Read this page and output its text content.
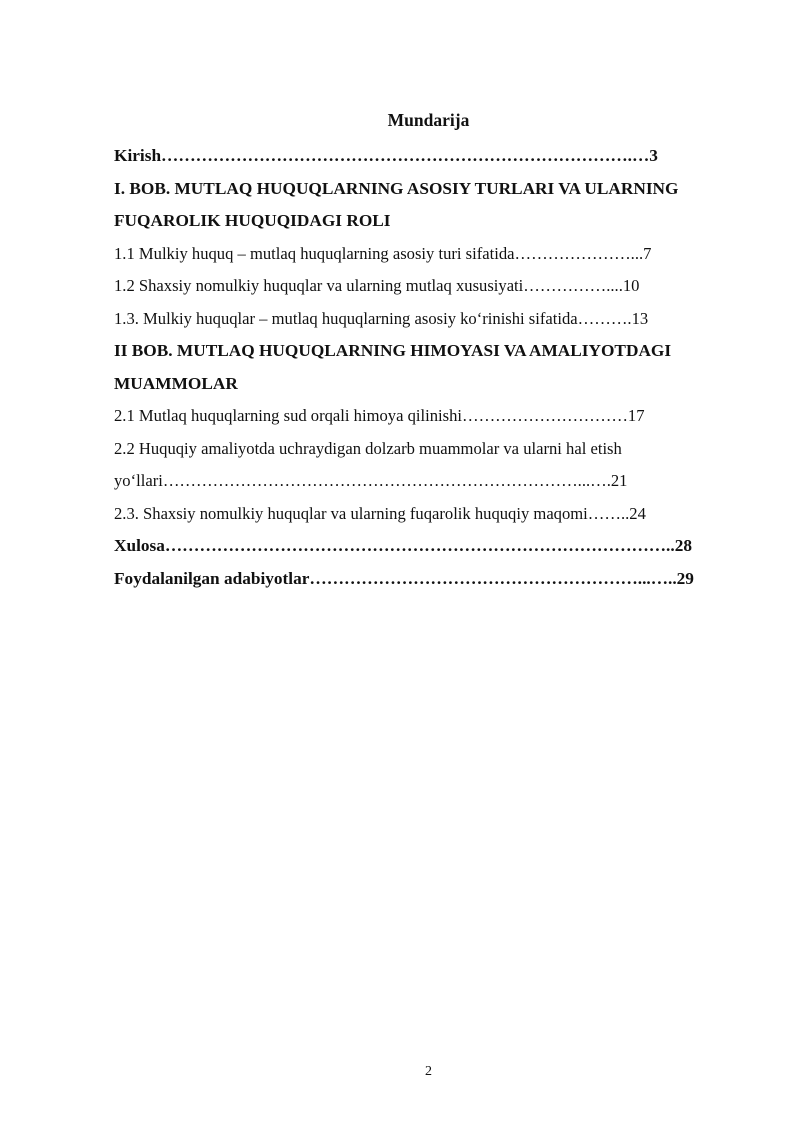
Mundarija
Kirish……………………………………………………………………….…3
I. BOB. MUTLAQ HUQUQLARNING ASOSIY TURLARI VA ULARNING
FUQAROLIK HUQUQIDAGI ROLI
1.1 Mulkiy huquq – mutlaq huquqlarning asosiy turi sifatida…………………...7
1.2 Shaxsiy nomulkiy huquqlar va ularning mutlaq xususiyati……………....10
1.3. Mulkiy huquqlar – mutlaq huquqlarning asosiy koʻrinishi sifatida……….13
II BOB. MUTLAQ HUQUQLARNING HIMOYASI VA AMALIYOTDAGI
MUAMMOLAR
2.1 Mutlaq huquqlarning sud orqali himoya qilinishi…………………………17
2.2 Huquqiy amaliyotda uchraydigan dolzarb muammolar va ularni hal etish
yoʻllari…………………………………………………………………...….21
2.3. Shaxsiy nomulkiy huquqlar va ularning fuqarolik huquqiy maqomi……..24
Xulosa……………………………………………………………………………..28
Foydalanilgan adabiyotlar…………………………………………………...…..29
2
